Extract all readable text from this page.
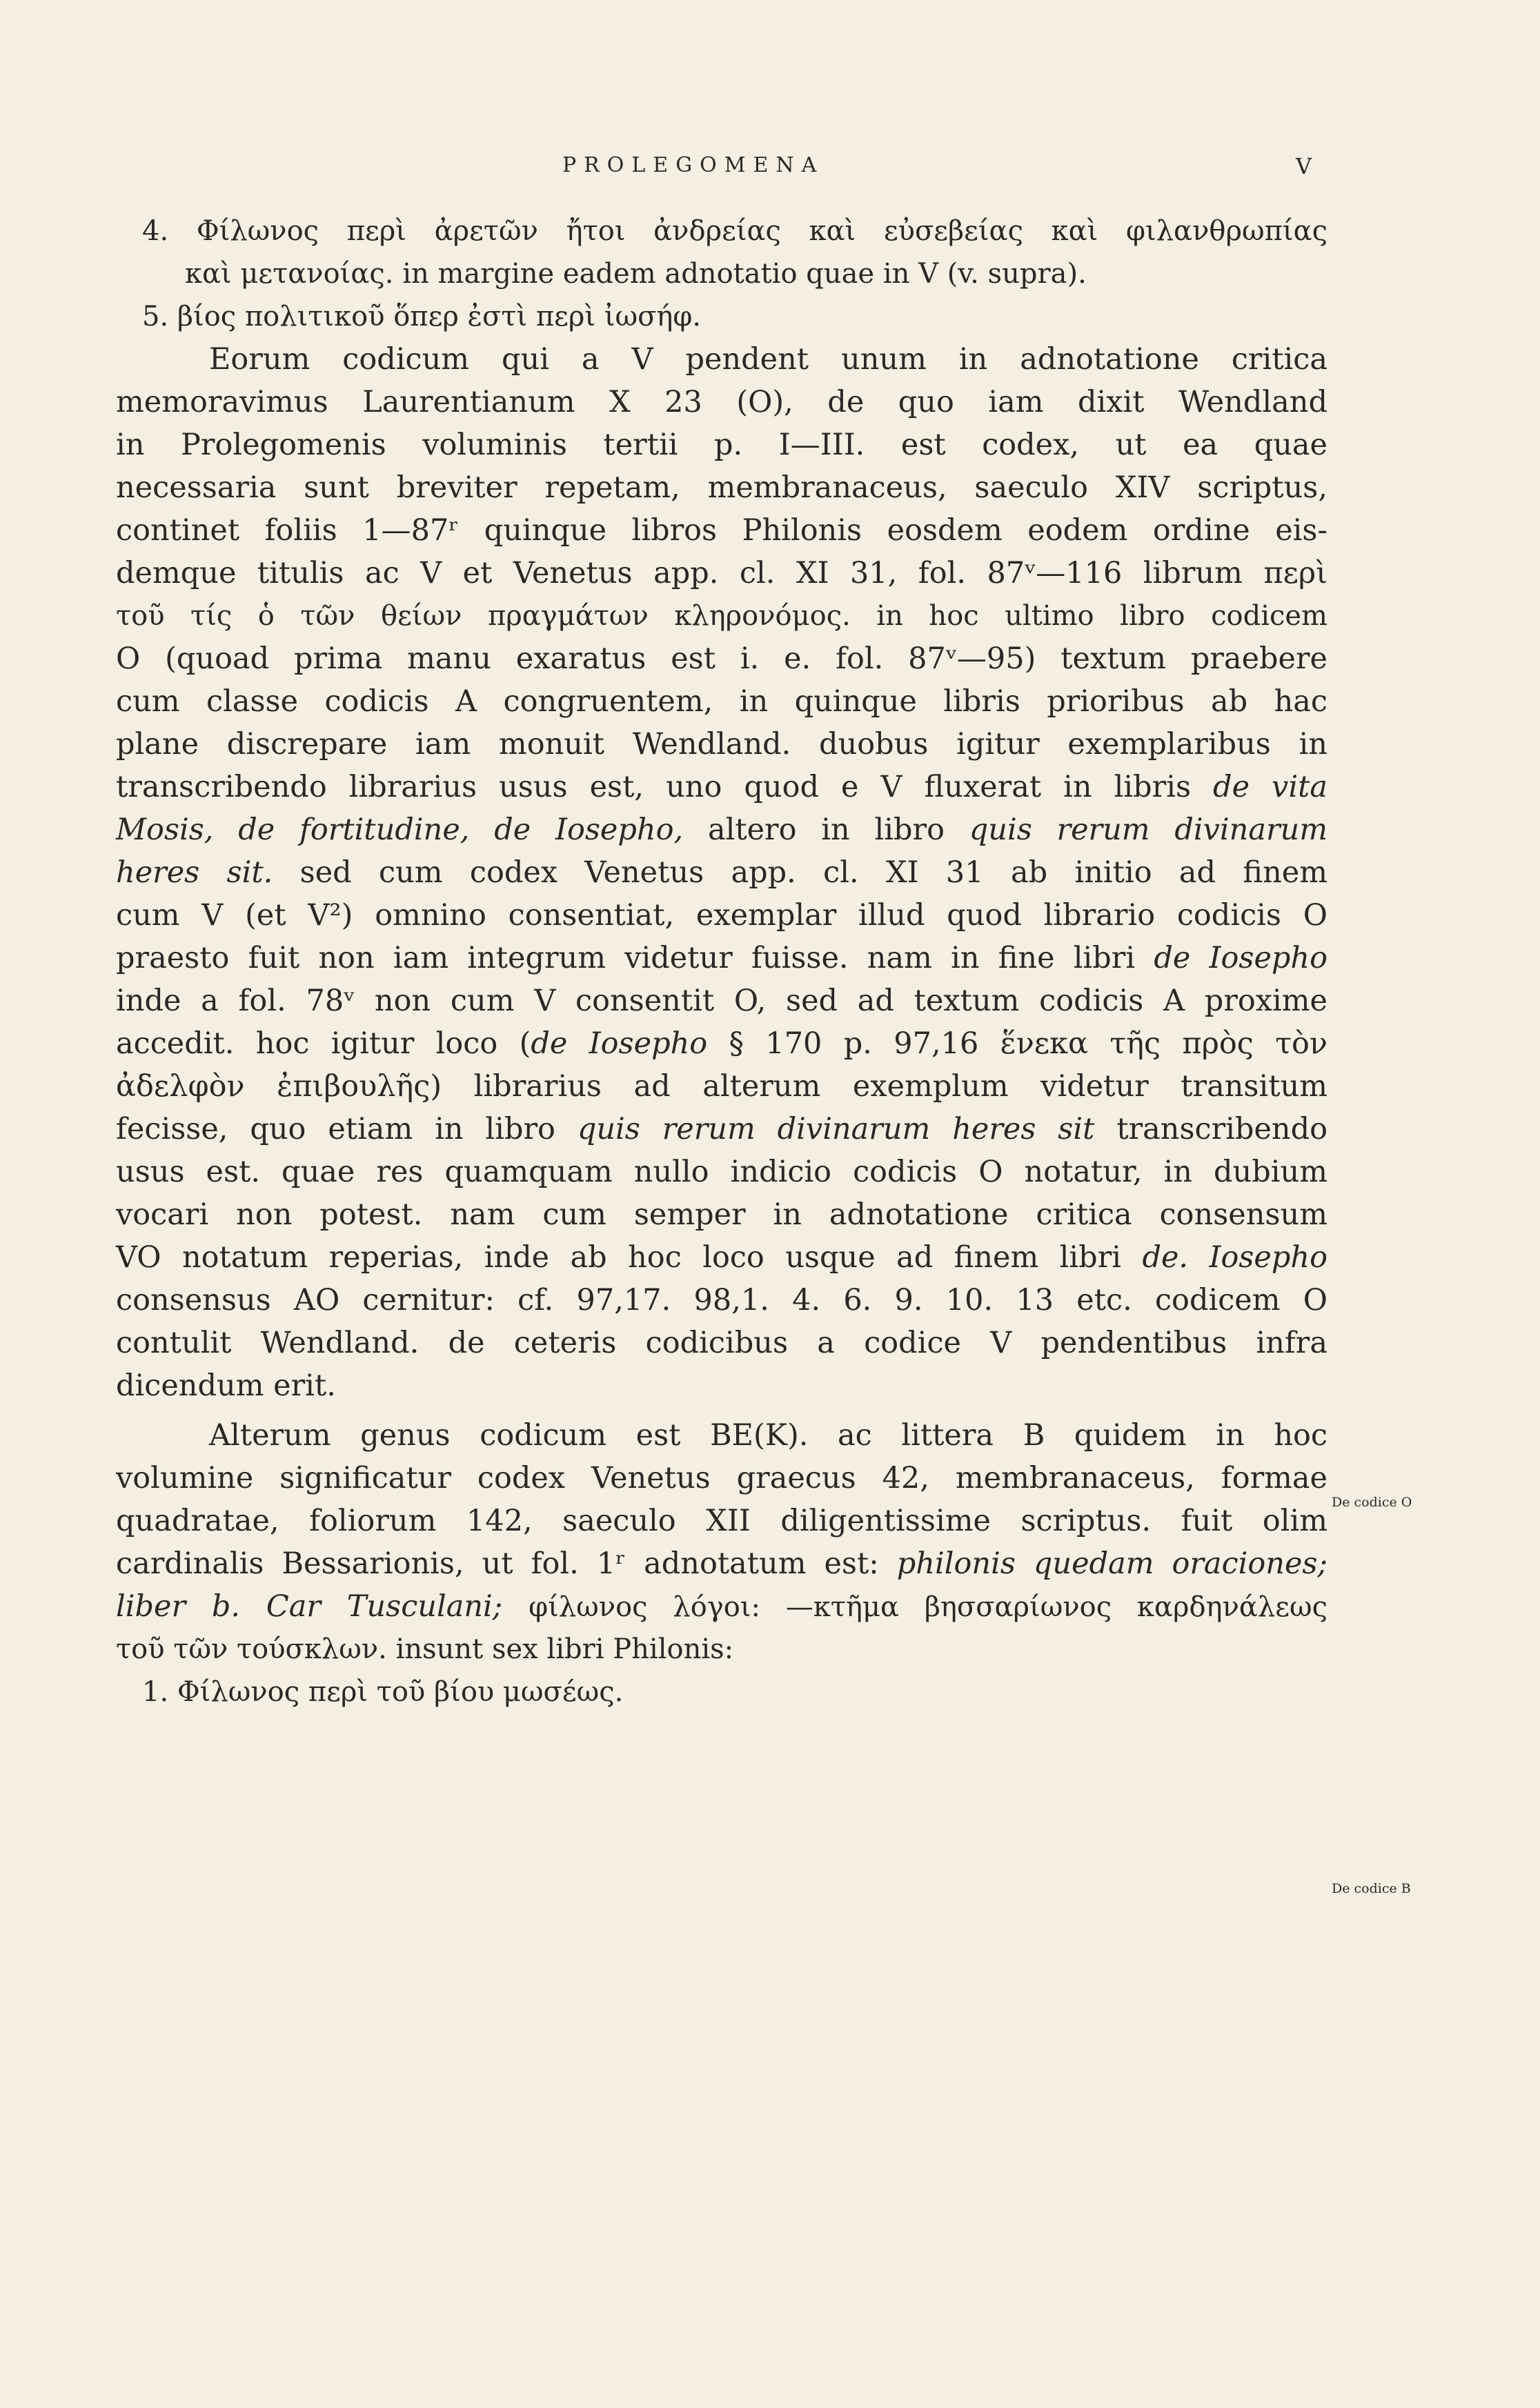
PROLEGOMENA	V
4. Φίλωνος περὶ ἀρετῶν ἤτοι ἀνδρείας καὶ εὐσεβείας καὶ φιλανθρωπίας
καὶ μετανοίας. in margine eadem adnotatio quae in V (v. supra).
5. βίος πολιτικοῦ ὅπερ ἐστὶ περὶ ἰωσήφ.
Eorum codicum qui a V pendent unum in adnotatione critica
memoravimus Laurentianum X 23 (O), de quo iam dixit Wendland
in Prolegomenis voluminis tertii p. I—III. est codex, ut ea quae
necessaria sunt breviter repetam, membranaceus, saeculo XIV scriptus,
continet foliis 1—87ʳ quinque libros Philonis eosdem eodem ordine eis-
demque titulis ac V et Venetus app. cl. XI 31, fol. 87ᵛ—116 librum περὶ
τοῦ τίς ὁ τῶν θείων πραγμάτων κληρονόμος. in hoc ultimo libro codicem
O (quoad prima manu exaratus est i. e. fol. 87ᵛ—95) textum praebere
cum classe codicis A congruentem, in quinque libris prioribus ab hac
plane discrepare iam monuit Wendland. duobus igitur exemplaribus in
transcribendo librarius usus est, uno quod e V fluxerat in libris de vita
Mosis, de fortitudine, de Iosepho, altero in libro quis rerum divinarum
heres sit. sed cum codex Venetus app. cl. XI 31 ab initio ad finem
cum V (et V²) omnino consentiat, exemplar illud quod librario codicis O
praesto fuit non iam integrum videtur fuisse. nam in fine libri de Iosepho
inde a fol. 78ᵛ non cum V consentit O, sed ad textum codicis A proxime
accedit. hoc igitur loco (de Iosepho § 170 p. 97,16 ἕνεκα τῆς πρὸς τὸν
ἀδελφὸν ἐπιβουλῆς) librarius ad alterum exemplum videtur transitum
fecisse, quo etiam in libro quis rerum divinarum heres sit transcribendo
usus est. quae res quamquam nullo indicio codicis O notatur, in dubium
vocari non potest. nam cum semper in adnotatione critica consensum
VO notatum reperias, inde ab hoc loco usque ad finem libri de. Iosepho
consensus AO cernitur: cf. 97,17. 98,1. 4. 6. 9. 10. 13 etc. codicem O
contulit Wendland. de ceteris codicibus a codice V pendentibus infra
dicendum erit.
Alterum genus codicum est BE(K). ac littera B quidem in hoc
volumine significatur codex Venetus graecus 42, membranaceus, formae
quadratae, foliorum 142, saeculo XII diligentissime scriptus. fuit olim
cardinalis Bessarionis, ut fol. 1ʳ adnotatum est: philonis quedam oraciones;
liber b. Car Tusculani; φίλωνος λόγοι: —κτῆμα βησσαρίωνος καρδηνάλεως
τοῦ τῶν τούσκλων. insunt sex libri Philonis:
1. Φίλωνος περὶ τοῦ βίου μωσέως.
De codice O
De codice B
